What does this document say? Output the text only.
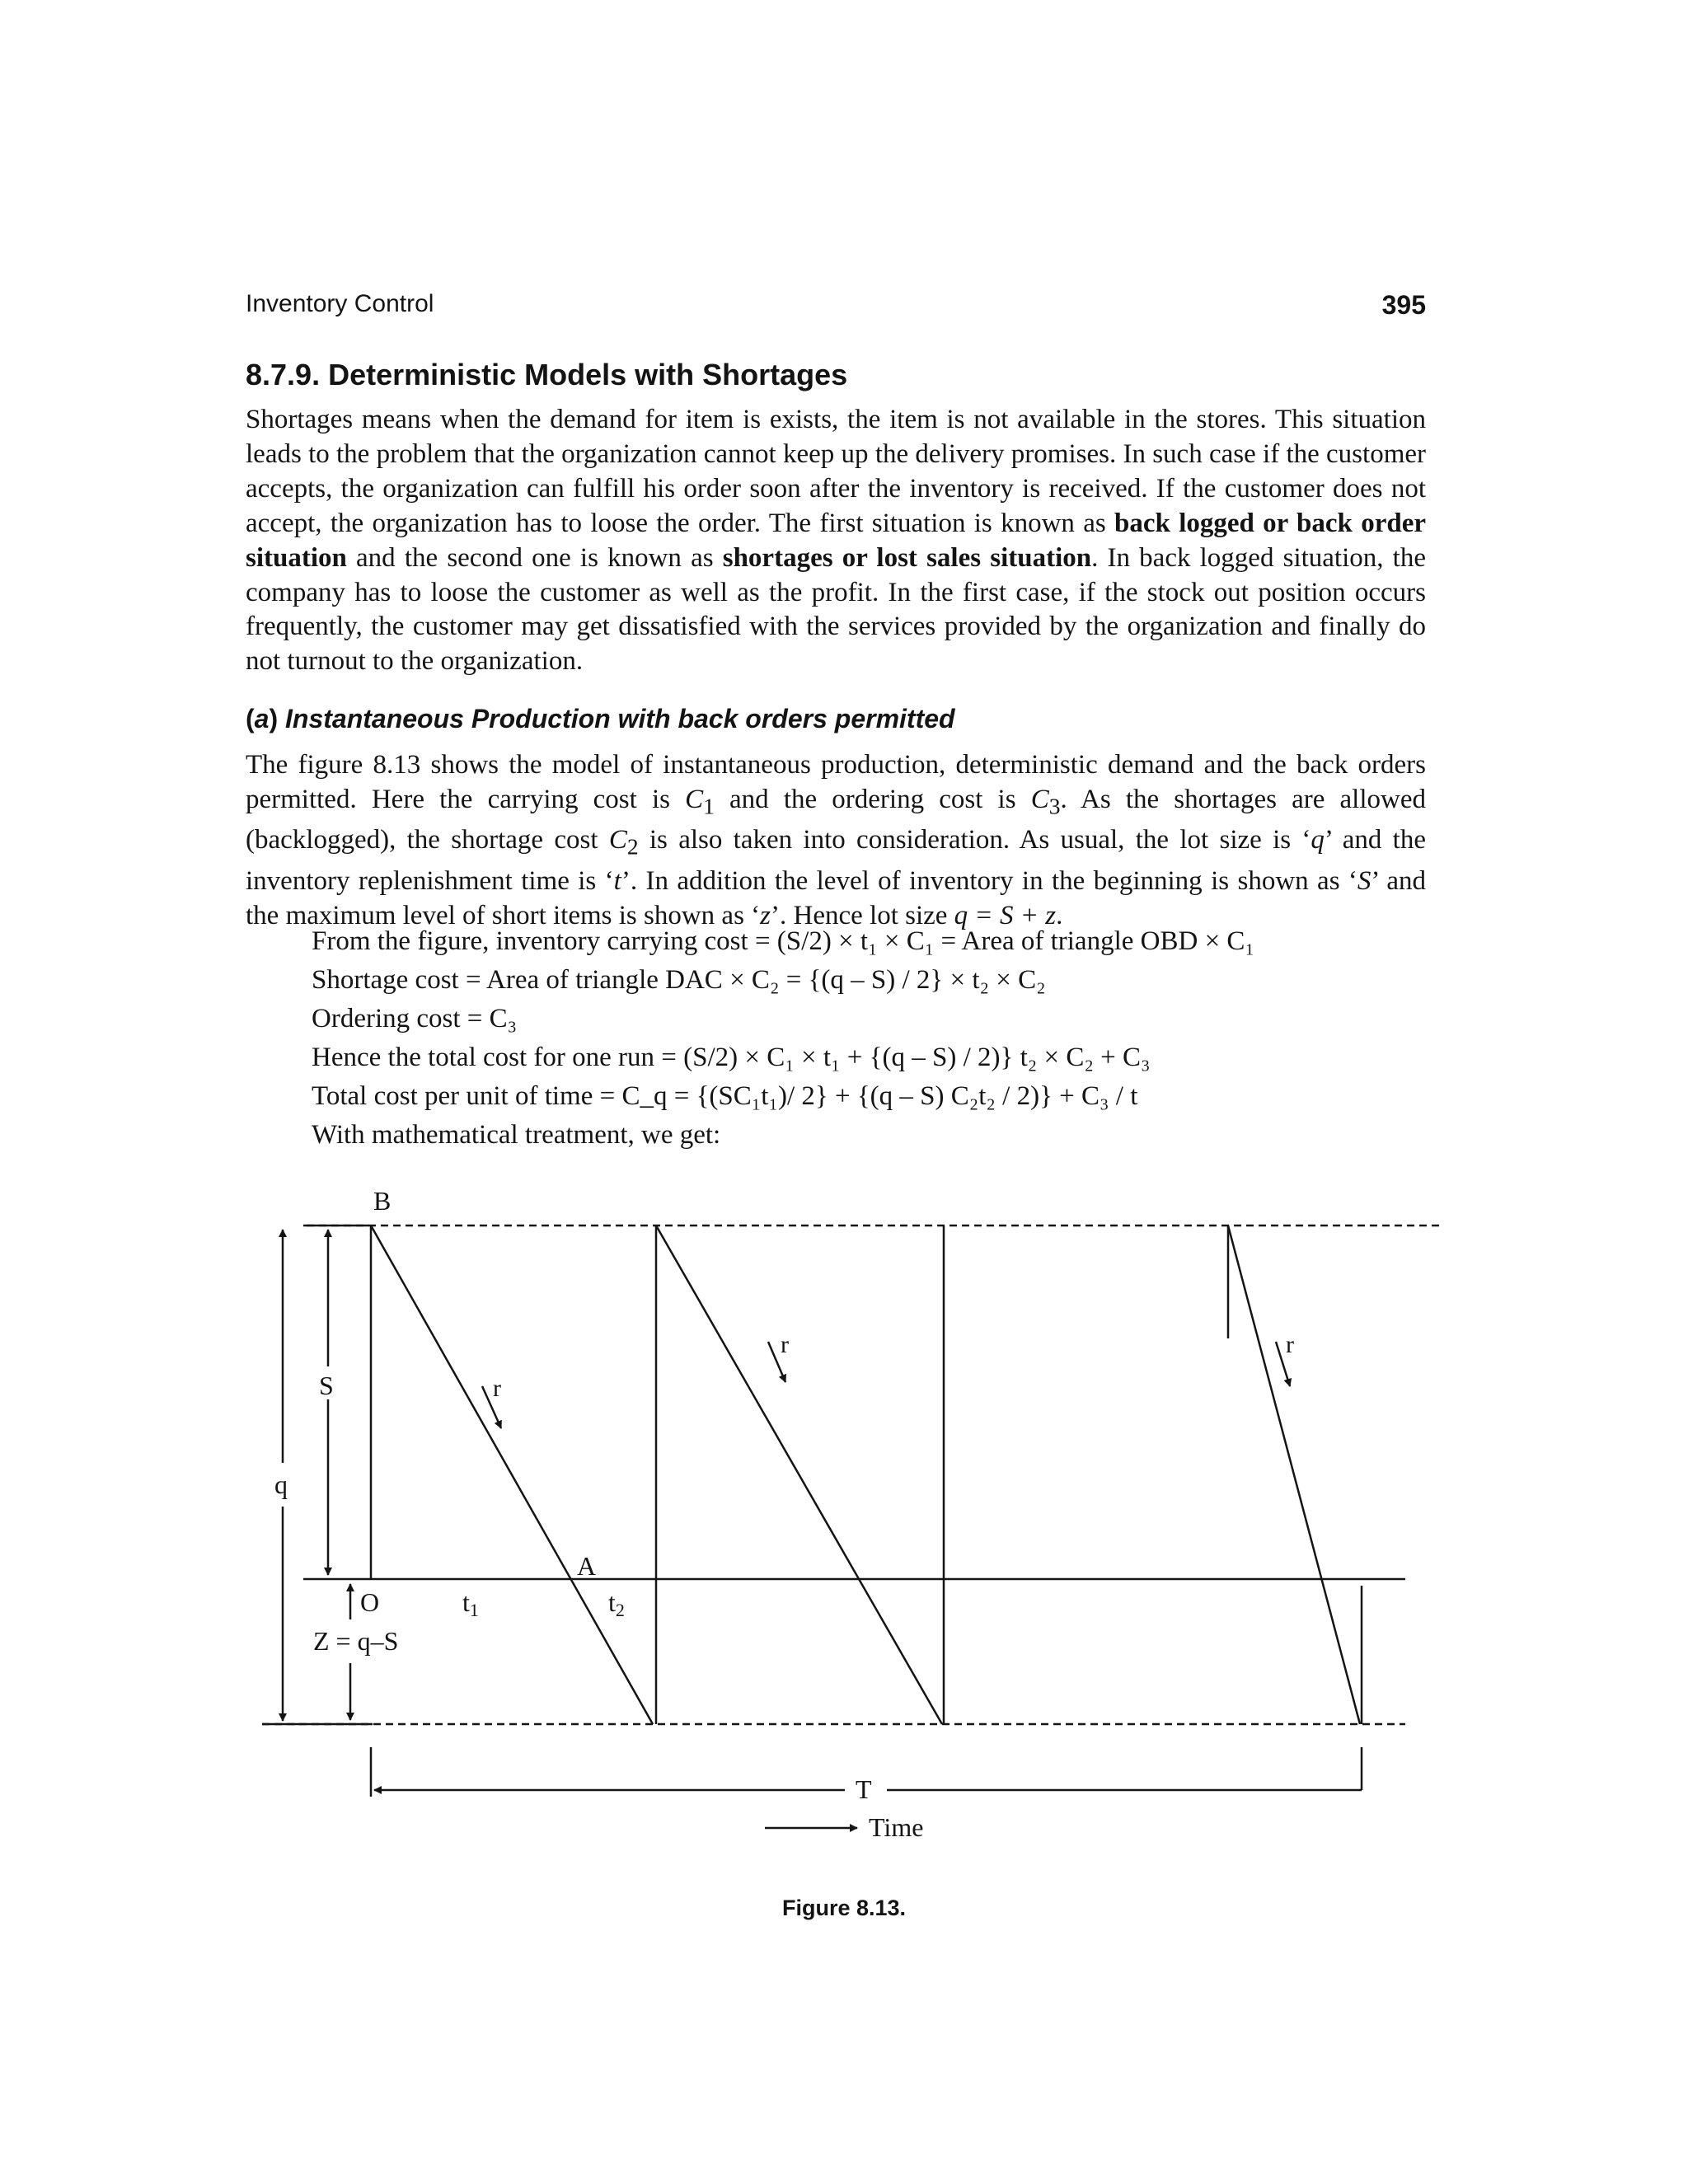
Inventory Control	395
8.7.9. Deterministic Models with Shortages

Shortages means when the demand for item is exists, the item is not available in the stores. This situation leads to the problem that the organization cannot keep up the delivery promises. In such case if the customer accepts, the organization can fulfill his order soon after the inventory is received. If the customer does not accept, the organization has to loose the order. The first situation is known as back logged or back order situation and the second one is known as shortages or lost sales situation. In back logged situation, the company has to loose the customer as well as the profit. In the first case, if the stock out position occurs frequently, the customer may get dissatisfied with the services provided by the organization and finally do not turnout to the organization.

(a) Instantaneous Production with back orders permitted

The figure 8.13 shows the model of instantaneous production, deterministic demand and the back orders permitted. Here the carrying cost is $C_1$ and the ordering cost is $C_3$. As the shortages are allowed (backlogged), the shortage cost $C_2$ is also taken into consideration. As usual, the lot size is ‘q’ and the inventory replenishment time is ‘t’. In addition the level of inventory in the beginning is shown as ‘S’ and the maximum level of short items is shown as ‘z’. Hence lot size q = S + z.

From the figure, inventory carrying cost = (S/2) × t₁ × C₁ = Area of triangle OBD × C₁
Shortage cost = Area of triangle DAC × C₂ = {(q – S) / 2} × t₂ × C₂
Ordering cost = C₃
Hence the total cost for one run = (S/2) × C₁ × t₁ + {(q – S) / 2)} t₂ × C₂ + C₃
Total cost per unit of time = C_q = {(SC₁t₁)/ 2} + {(q – S) C₂t₂ / 2)} + C₃ / t
With mathematical treatment, we get:
B
S
q
O
A
t1	t2
Z = q–S
r
r	r
T
Time
Figure 8.13.
